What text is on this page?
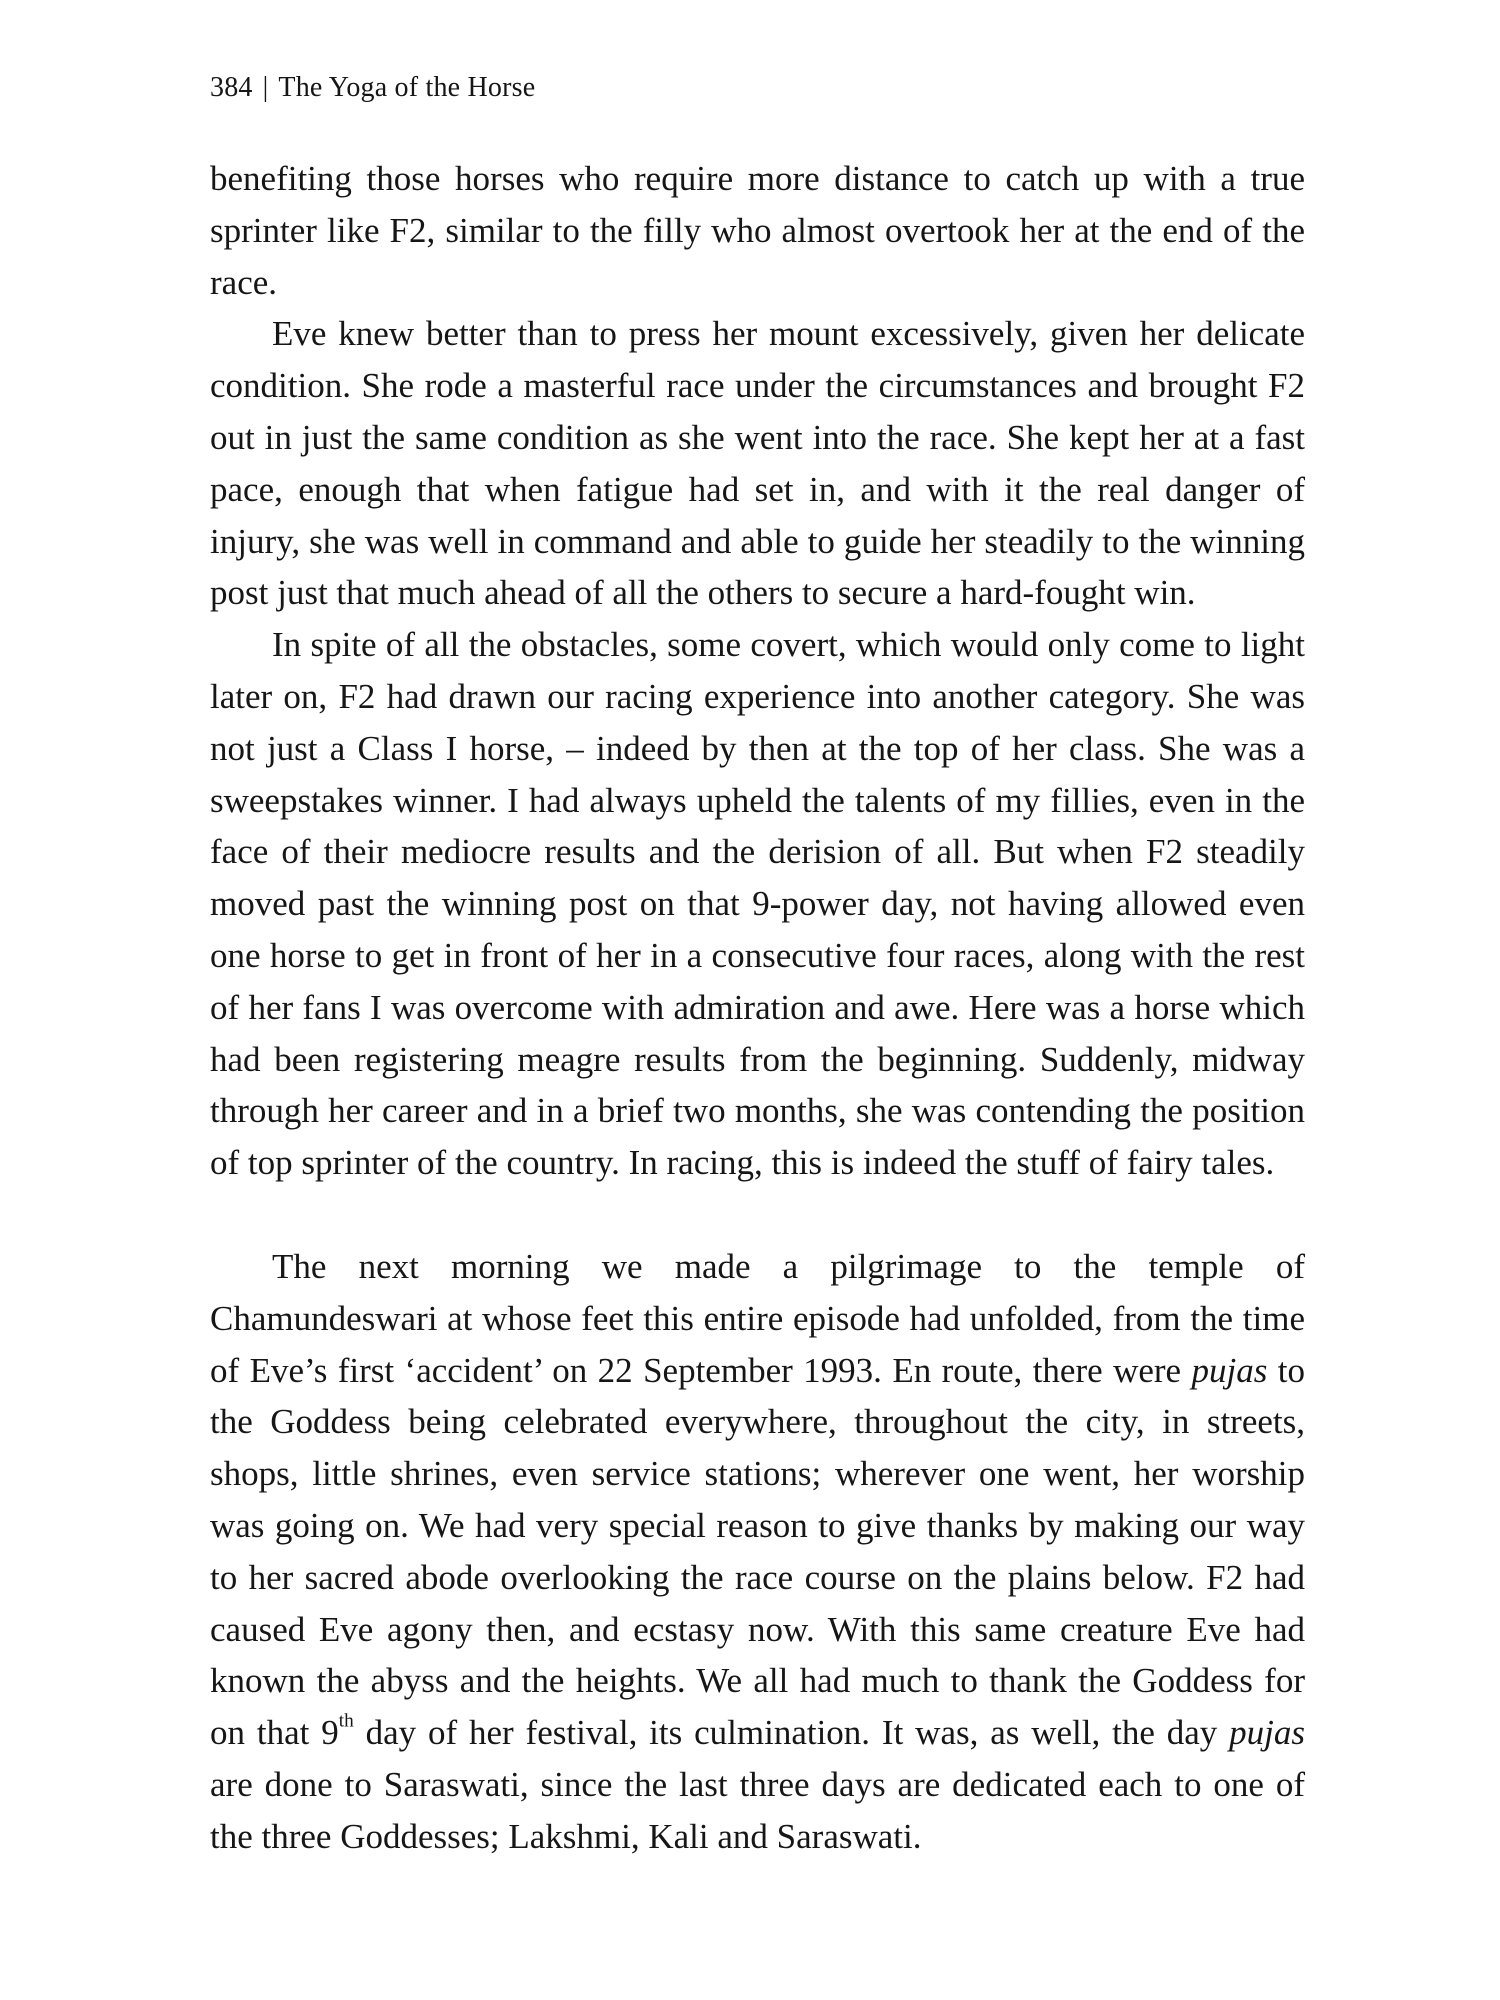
384 | The Yoga of the Horse

benefiting those horses who require more distance to catch up with a true sprinter like F2, similar to the filly who almost overtook her at the end of the race.

Eve knew better than to press her mount excessively, given her delicate condition. She rode a masterful race under the circumstances and brought F2 out in just the same condition as she went into the race. She kept her at a fast pace, enough that when fatigue had set in, and with it the real danger of injury, she was well in command and able to guide her steadily to the winning post just that much ahead of all the others to secure a hard-fought win.

In spite of all the obstacles, some covert, which would only come to light later on, F2 had drawn our racing experience into another category. She was not just a Class I horse, – indeed by then at the top of her class. She was a sweepstakes winner. I had always upheld the talents of my fillies, even in the face of their mediocre results and the derision of all. But when F2 steadily moved past the winning post on that 9-power day, not having allowed even one horse to get in front of her in a consecutive four races, along with the rest of her fans I was overcome with admiration and awe. Here was a horse which had been registering meagre results from the beginning. Suddenly, midway through her career and in a brief two months, she was contending the position of top sprinter of the country. In racing, this is indeed the stuff of fairy tales.

The next morning we made a pilgrimage to the temple of Chamundeswari at whose feet this entire episode had unfolded, from the time of Eve’s first ‘accident’ on 22 September 1993. En route, there were pujas to the Goddess being celebrated everywhere, throughout the city, in streets, shops, little shrines, even service stations; wherever one went, her worship was going on. We had very special reason to give thanks by making our way to her sacred abode overlooking the race course on the plains below. F2 had caused Eve agony then, and ecstasy now. With this same creature Eve had known the abyss and the heights. We all had much to thank the Goddess for on that 9th day of her festival, its culmination. It was, as well, the day pujas are done to Saraswati, since the last three days are dedicated each to one of the three Goddesses; Lakshmi, Kali and Saraswati.
